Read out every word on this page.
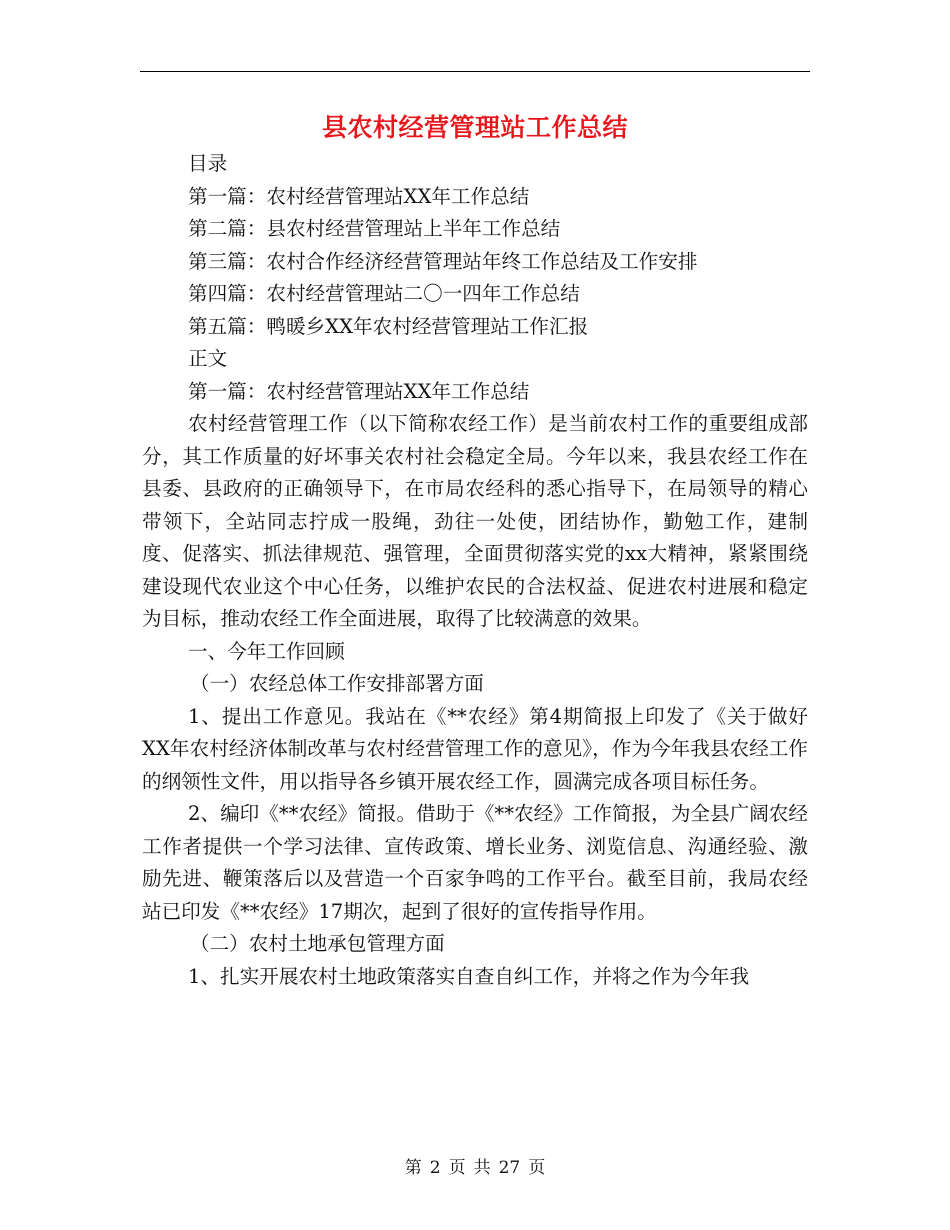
县农村经营管理站工作总结

目录

第一篇：农村经营管理站XX年工作总结

第二篇：县农村经营管理站上半年工作总结

第三篇：农村合作经济经营管理站年终工作总结及工作安排

第四篇：农村经营管理站二〇一四年工作总结

第五篇：鸭暖乡XX年农村经营管理站工作汇报

正文

第一篇：农村经营管理站XX年工作总结

农村经营管理工作（以下简称农经工作）是当前农村工作的重要组成部分，其工作质量的好坏事关农村社会稳定全局。今年以来，我县农经工作在县委、县政府的正确领导下，在市局农经科的悉心指导下，在局领导的精心带领下，全站同志拧成一股绳，劲往一处使，团结协作，勤勉工作，建制度、促落实、抓法律规范、强管理，全面贯彻落实党的xx大精神，紧紧围绕建设现代农业这个中心任务，以维护农民的合法权益、促进农村进展和稳定为目标，推动农经工作全面进展，取得了比较满意的效果。

一、今年工作回顾

（一）农经总体工作安排部署方面

1、提出工作意见。我站在《**农经》第4期简报上印发了《关于做好XX年农村经济体制改革与农村经营管理工作的意见》，作为今年我县农经工作的纲领性文件，用以指导各乡镇开展农经工作，圆满完成各项目标任务。

2、编印《**农经》简报。借助于《**农经》工作简报，为全县广阔农经工作者提供一个学习法律、宣传政策、增长业务、浏览信息、沟通经验、激励先进、鞭策落后以及营造一个百家争鸣的工作平台。截至目前，我局农经站已印发《**农经》17期次，起到了很好的宣传指导作用。

（二）农村土地承包管理方面

1、扎实开展农村土地政策落实自查自纠工作，并将之作为今年我

第 2 页 共 27 页
